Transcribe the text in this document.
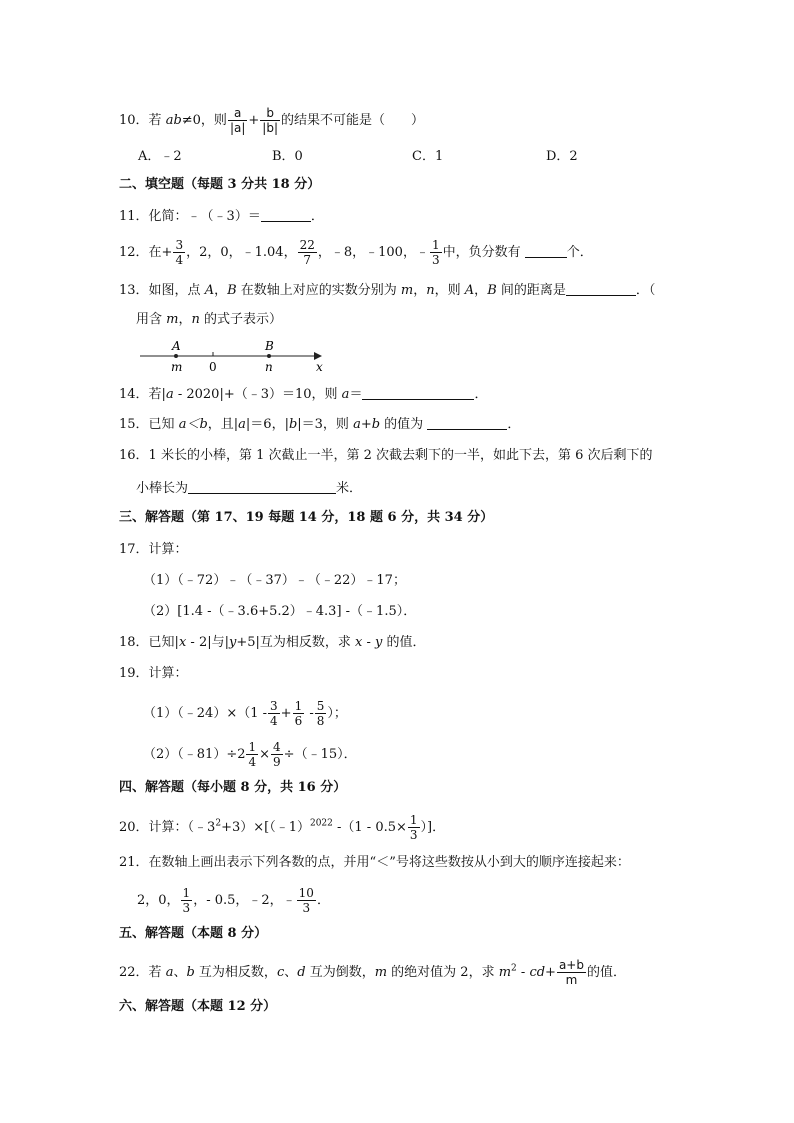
10．若 ab≠0，则 $\frac{a}{|a|} + \frac{b}{|b|}$ 的结果不可能是（　　）
A．﹣2	B．0	C．1	D．2
二、填空题（每题 3 分共 18 分）
11．化简：﹣（﹣3）＝	．
12．在+ $\frac{3}{4}$ ，2，0，﹣1.04， $\frac{22}{7}$ ，﹣8，﹣100，﹣ $\frac{1}{3}$ 中，负分数有	个．
13．如图，点 A，B 在数轴上对应的实数分别为 m，n，则 A，B 间的距离是	．（
用含 m，n 的式子表示）
A	B
m 0	n	x
14．若|a - 2020|+（﹣3）＝10，则 a＝	．
15．已知 a＜b，且|a|＝6，|b|＝3，则 a+b 的值为	．
16．1 米长的小棒，第 1 次截止一半，第 2 次截去剩下的一半，如此下去，第 6 次后剩下的
小棒长为	米．
三、解答题（第 17、19 每题 14 分，18 题 6 分，共 34 分）
17．计算：
（1）（﹣72）﹣（﹣37）﹣（﹣22）﹣17；
（2）[1.4 -（﹣3.6+5.2）﹣4.3] -（﹣1.5）．
18．已知|x - 2|与|y+5|互为相反数，求 x - y 的值．
19．计算：
（1）（﹣24）×（1 - $\frac{3}{4} + \frac{1}{6} - \frac{5}{8}$ ）；
（2）（﹣81）÷2 $\frac{1}{4} \times \frac{4}{9}$ ÷（﹣15）．
四、解答题（每小题 8 分，共 16 分）
20．计算：$(﹣3^2+3)\times[(﹣1)^{2022}$ $-(1 - 0.5\times \frac{1}{3}$ ）]．
21．在数轴上画出表示下列各数的点，并用“＜”号将这些数按从小到大的顺序连接起来：
2，0， $\frac{1}{3}$ ，- 0.5，﹣2，﹣ $\frac{10}{3}$ ．
五、解答题（本题 8 分）
22．若 a、b 互为相反数，c、d 互为倒数，m 的绝对值为 2，求 $m^2 - cd+ \frac{a+b}{m}$ 的值．
六、解答题（本题 12 分）
